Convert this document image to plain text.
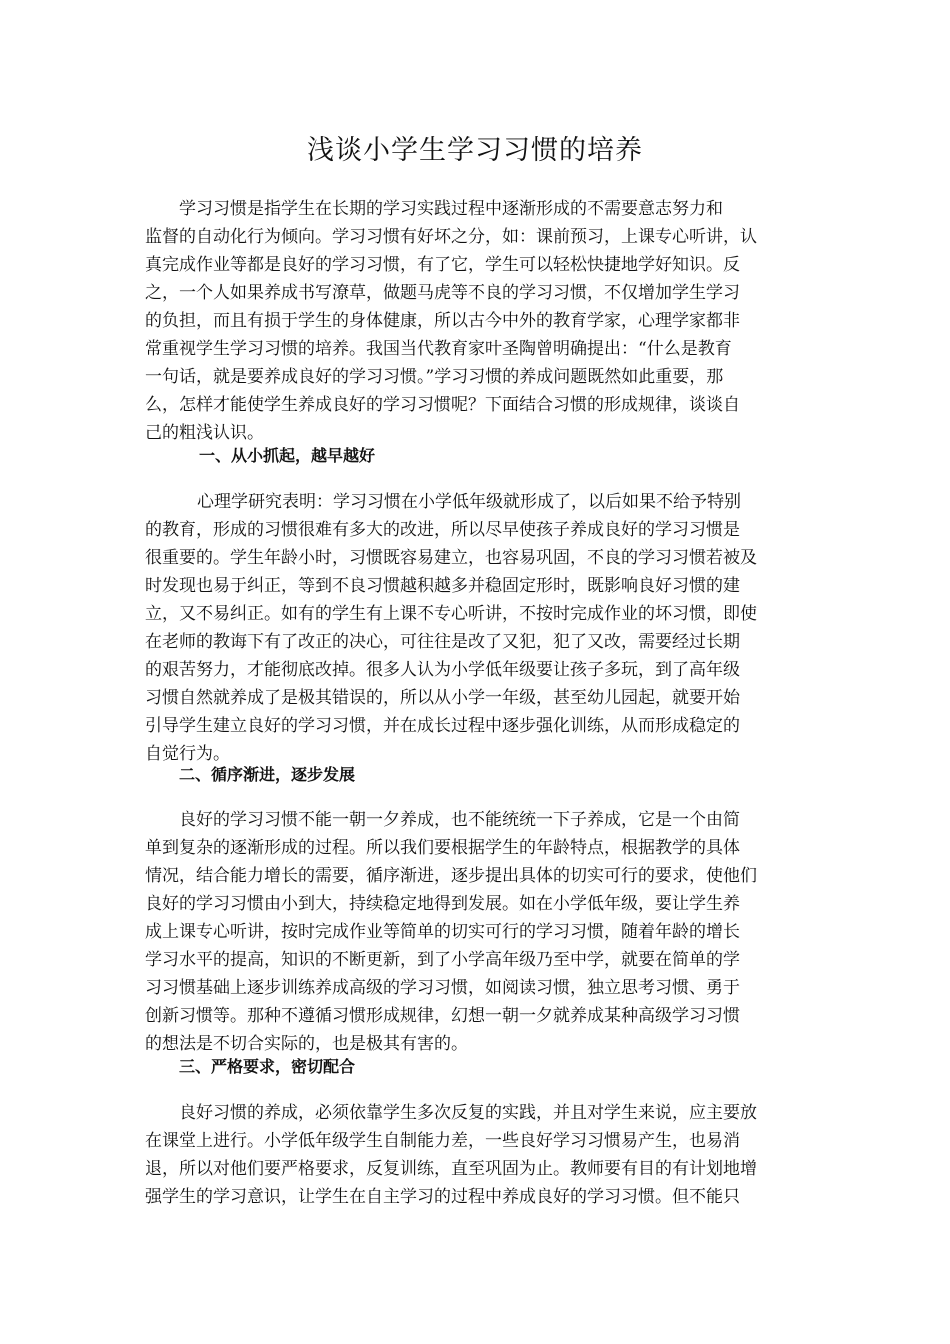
浅谈小学生学习习惯的培养
学习习惯是指学生在长期的学习实践过程中逐渐形成的不需要意志努力和
监督的自动化行为倾向。学习习惯有好坏之分，如：课前预习，上课专心听讲，认
真完成作业等都是良好的学习习惯，有了它，学生可以轻松快捷地学好知识。反
之，一个人如果养成书写潦草，做题马虎等不良的学习习惯，不仅增加学生学习
的负担，而且有损于学生的身体健康，所以古今中外的教育学家，心理学家都非
常重视学生学习习惯的培养。我国当代教育家叶圣陶曾明确提出：“什么是教育
一句话，就是要养成良好的学习习惯。”学习习惯的养成问题既然如此重要，那
么，怎样才能使学生养成良好的学习习惯呢？下面结合习惯的形成规律，谈谈自
己的粗浅认识。
一、从小抓起，越早越好
心理学研究表明：学习习惯在小学低年级就形成了，以后如果不给予特别
的教育，形成的习惯很难有多大的改进，所以尽早使孩子养成良好的学习习惯是
很重要的。学生年龄小时，习惯既容易建立，也容易巩固，不良的学习习惯若被及
时发现也易于纠正，等到不良习惯越积越多并稳固定形时，既影响良好习惯的建
立，又不易纠正。如有的学生有上课不专心听讲，不按时完成作业的坏习惯，即使
在老师的教诲下有了改正的决心，可往往是改了又犯，犯了又改，需要经过长期
的艰苦努力，才能彻底改掉。很多人认为小学低年级要让孩子多玩，到了高年级
习惯自然就养成了是极其错误的，所以从小学一年级，甚至幼儿园起，就要开始
引导学生建立良好的学习习惯，并在成长过程中逐步强化训练，从而形成稳定的
自觉行为。
二、循序渐进，逐步发展
良好的学习习惯不能一朝一夕养成，也不能统统一下子养成，它是一个由简
单到复杂的逐渐形成的过程。所以我们要根据学生的年龄特点，根据教学的具体
情况，结合能力增长的需要，循序渐进，逐步提出具体的切实可行的要求，使他们
良好的学习习惯由小到大，持续稳定地得到发展。如在小学低年级，要让学生养
成上课专心听讲，按时完成作业等简单的切实可行的学习习惯，随着年龄的增长
学习水平的提高，知识的不断更新，到了小学高年级乃至中学，就要在简单的学
习习惯基础上逐步训练养成高级的学习习惯，如阅读习惯，独立思考习惯、勇于
创新习惯等。那种不遵循习惯形成规律，幻想一朝一夕就养成某种高级学习习惯
的想法是不切合实际的，也是极其有害的。
三、严格要求，密切配合
良好习惯的养成，必须依靠学生多次反复的实践，并且对学生来说，应主要放
在课堂上进行。小学低年级学生自制能力差，一些良好学习习惯易产生，也易消
退，所以对他们要严格要求，反复训练，直至巩固为止。教师要有目的有计划地增
强学生的学习意识，让学生在自主学习的过程中养成良好的学习习惯。但不能只
